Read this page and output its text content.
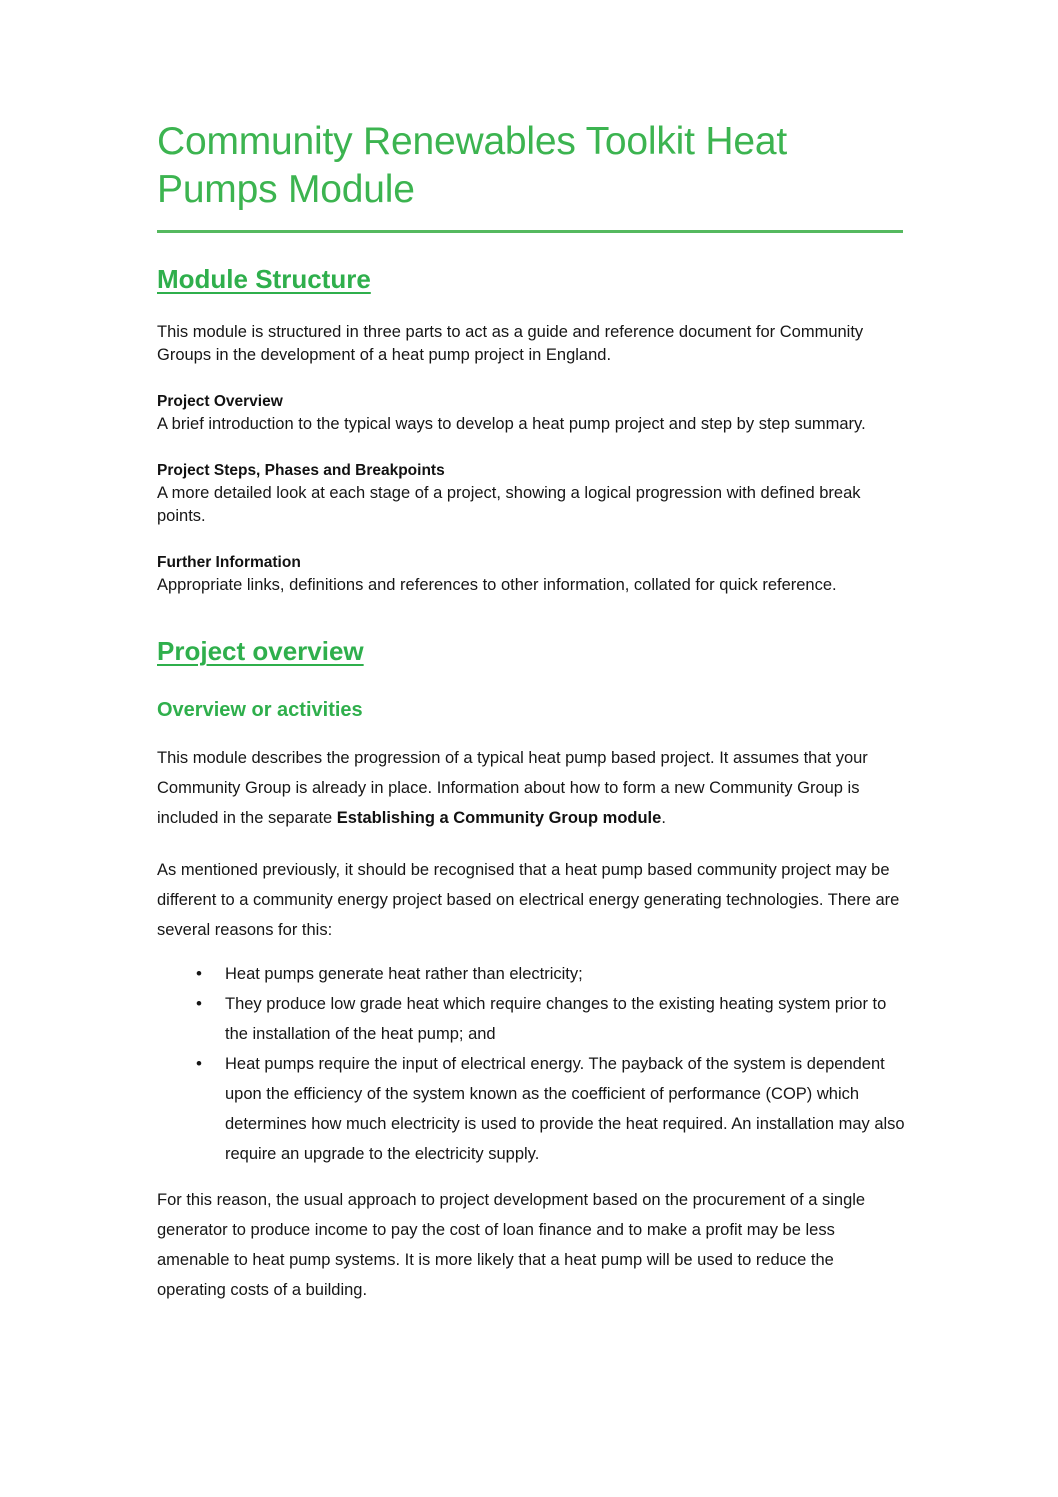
Community Renewables Toolkit Heat Pumps Module
Module Structure

This module is structured in three parts to act as a guide and reference document for Community Groups in the development of a heat pump project in England.

Project Overview

A brief introduction to the typical ways to develop a heat pump project and step by step summary.

Project Steps, Phases and Breakpoints

A more detailed look at each stage of a project, showing a logical progression with defined break points.

Further Information

Appropriate links, definitions and references to other information, collated for quick reference.

Project overview
Overview or activities

This module describes the progression of a typical heat pump based project. It assumes that your Community Group is already in place. Information about how to form a new Community Group is included in the separate Establishing a Community Group module.

As mentioned previously, it should be recognised that a heat pump based community project may be different to a community energy project based on electrical energy generating technologies. There are several reasons for this:

• Heat pumps generate heat rather than electricity;
• They produce low grade heat which require changes to the existing heating system prior to the installation of the heat pump; and
• Heat pumps require the input of electrical energy. The payback of the system is dependent upon the efficiency of the system known as the coefficient of performance (COP) which determines how much electricity is used to provide the heat required. An installation may also require an upgrade to the electricity supply.

For this reason, the usual approach to project development based on the procurement of a single generator to produce income to pay the cost of loan finance and to make a profit may be less amenable to heat pump systems. It is more likely that a heat pump will be used to reduce the operating costs of a building.
